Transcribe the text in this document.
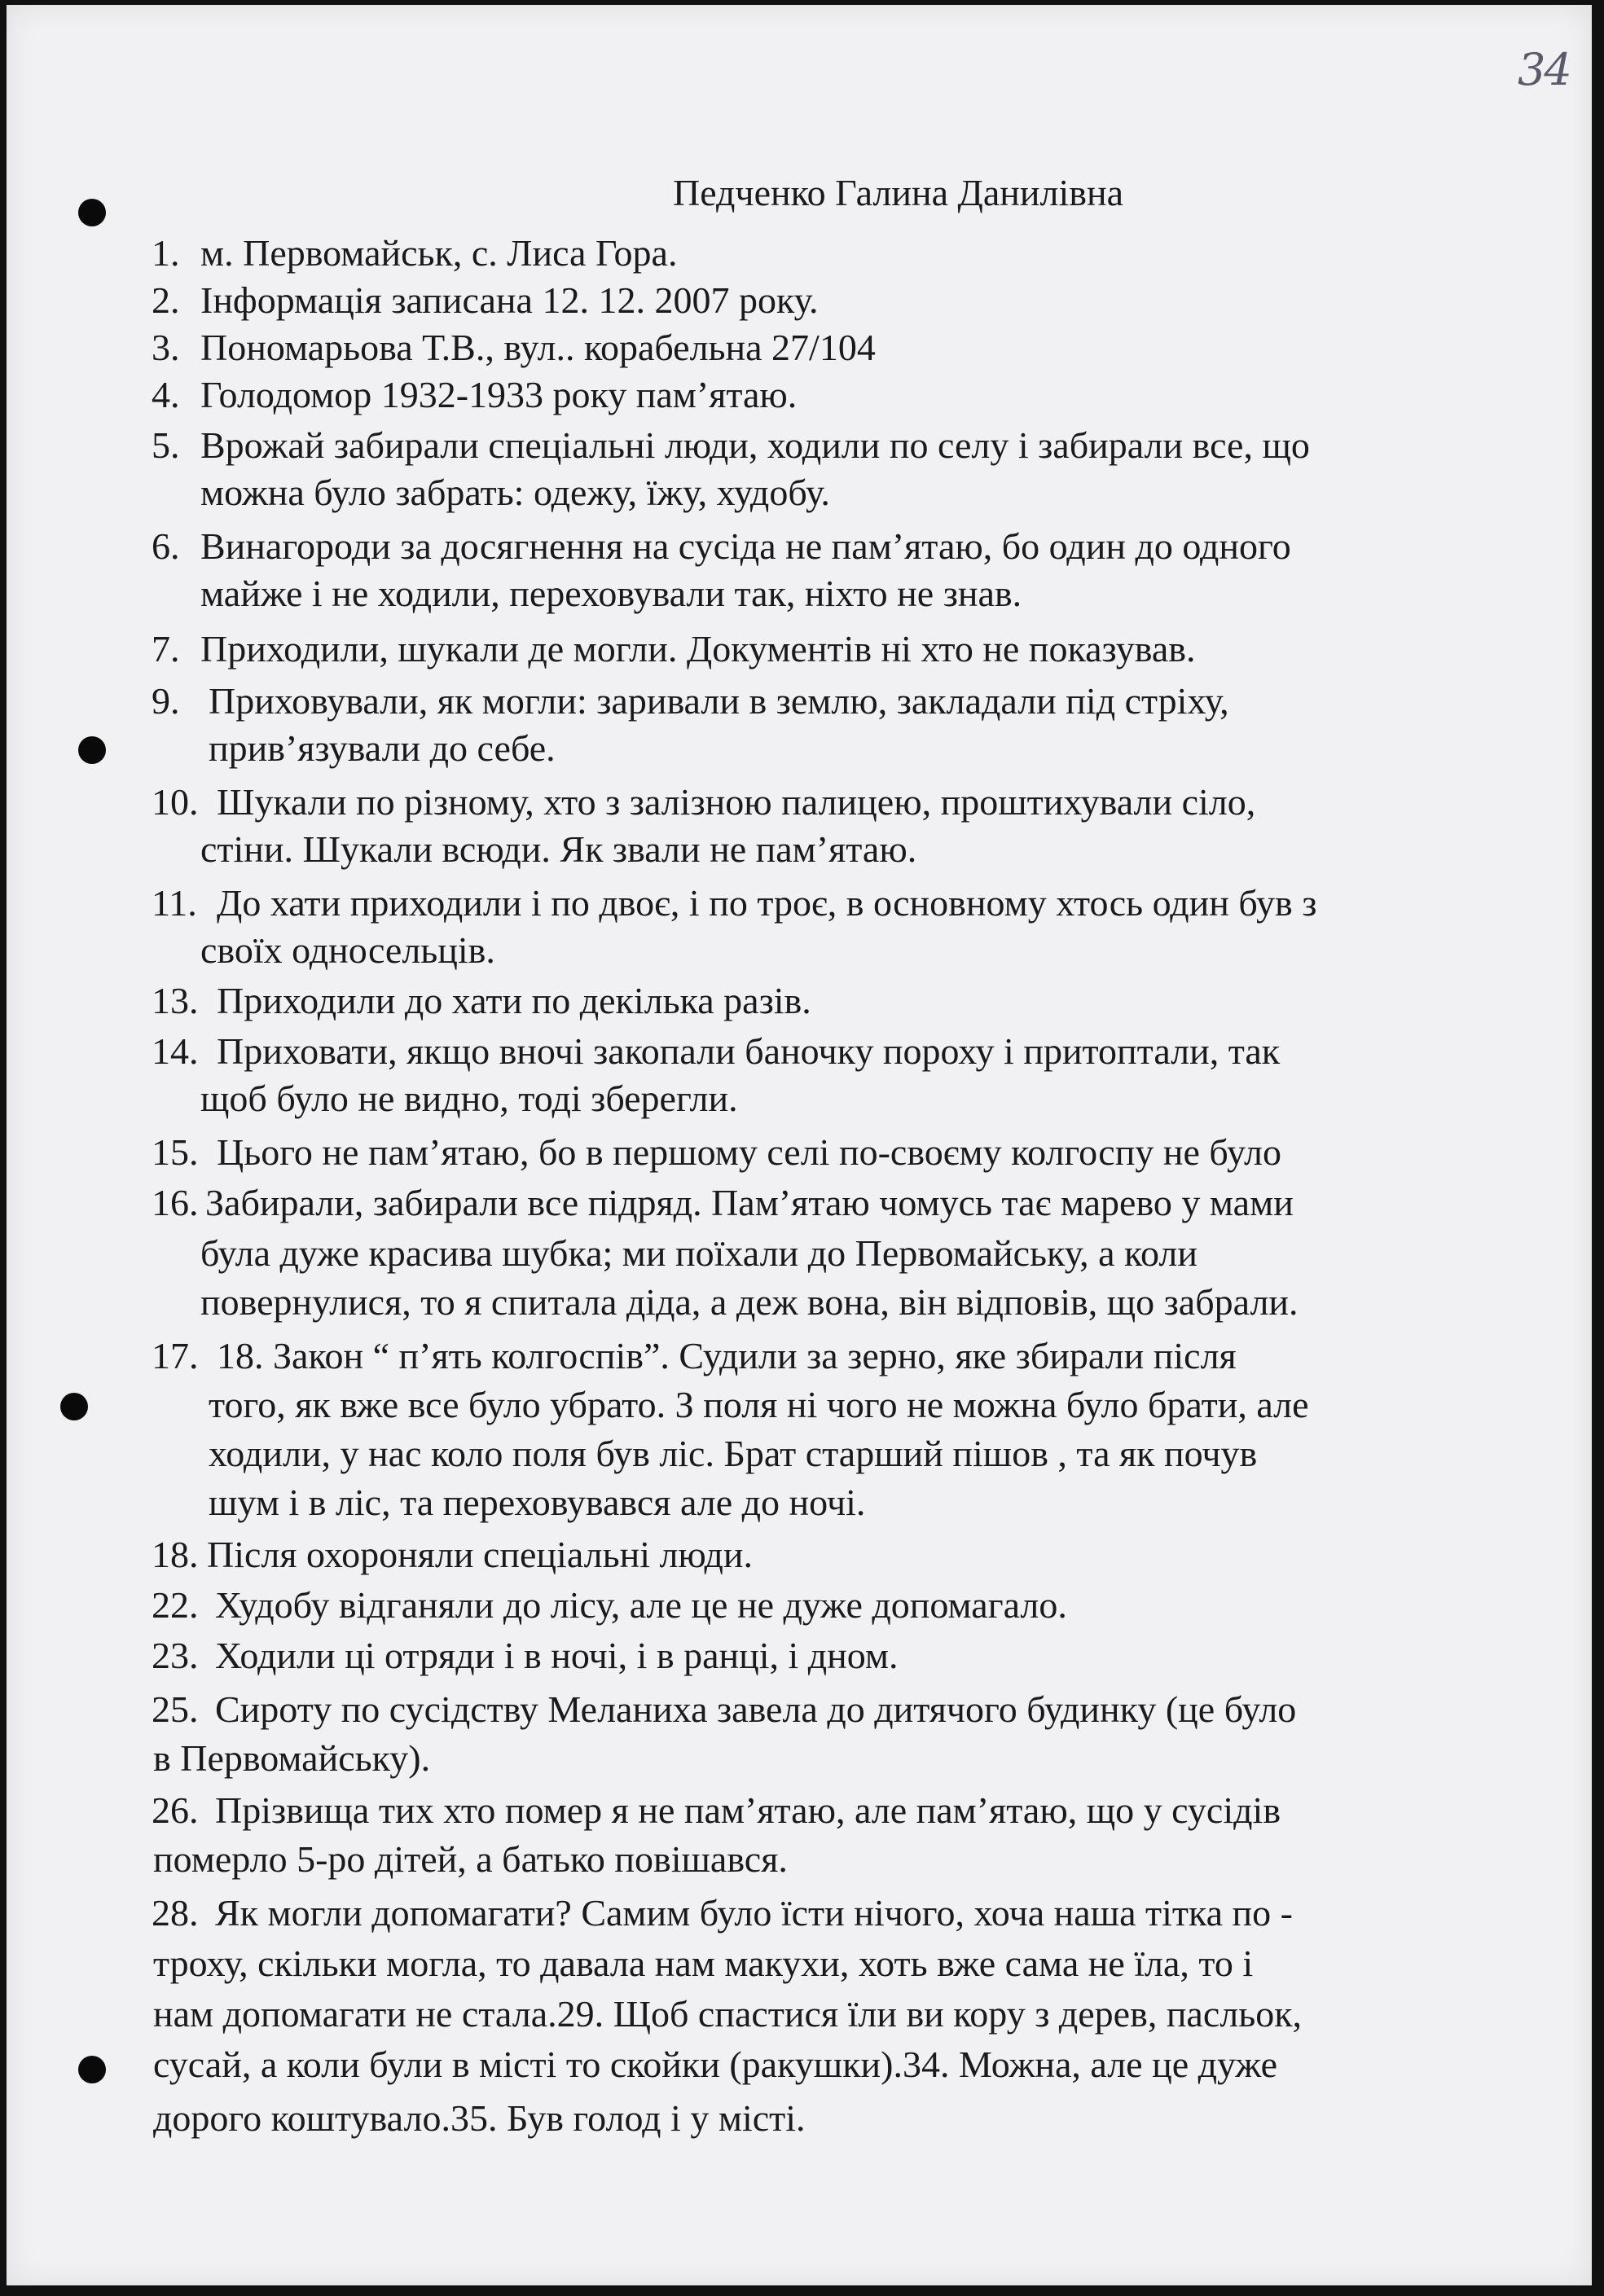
34
Педченко Галина Данилівна
1. м. Первомайськ, с. Лиса Гора.
2. Інформація записана 12. 12. 2007 року.
3. Пономарьова Т.В., вул.. корабельна 27/104
4. Голодомор 1932-1933 року пам’ятаю.
5. Врожай забирали спеціальні люди, ходили по селу і забирали все, що
можна було забрать: одежу, їжу, худобу.
6. Винагороди за досягнення на сусіда не пам’ятаю, бо один до одного
майже і не ходили, переховували так, ніхто не знав.
7. Приходили, шукали де могли. Документів ні хто не показував.
9. Приховували, як могли: заривали в землю, закладали під стріху,
прив’язували до себе.
10. Шукали по різному, хто з залізною палицею, проштихували сіло,
стіни. Шукали всюди. Як звали не пам’ятаю.
11. До хати приходили і по двоє, і по троє, в основному хтось один був з
своїх односельців.
13. Приходили до хати по декілька разів.
14. Приховати, якщо вночі закопали баночку пороху і притоптали, так
щоб було не видно, тоді зберегли.
15. Цього не пам’ятаю, бо в першому селі по-своєму колгоспу не було
16. Забирали, забирали все підряд. Пам’ятаю чомусь тає марево у мами
була дуже красива шубка; ми поїхали до Первомайську, а коли
повернулися, то я спитала діда, а деж вона, він відповів, що забрали.
17. 18. Закон “ п’ять колгоспів”. Судили за зерно, яке збирали після
того, як вже все було убрато. З поля ні чого не можна було брати, але
ходили, у нас коло поля був ліс. Брат старший пішов , та як почув
шум і в ліс, та переховувався але до ночі.
18. Після охороняли спеціальні люди.
22. Худобу відганяли до лісу, але це не дуже допомагало.
23. Ходили ці отряди і в ночі, і в ранці, і дном.
25. Сироту по сусідству Меланиха завела до дитячого будинку (це було
в Первомайську).
26. Прізвища тих хто помер я не пам’ятаю, але пам’ятаю, що у сусідів
померло 5-ро дітей, а батько повішався.
28. Як могли допомагати? Самим було їсти нічого, хоча наша тітка по -
троху, скільки могла, то давала нам макухи, хоть вже сама не їла, то і
нам допомагати не стала.29. Щоб спастися їли ви кору з дерев, пасльок,
сусай, а коли були в місті то скойки (ракушки).34. Можна, але це дуже
дорого коштувало.35. Був голод і у місті.
